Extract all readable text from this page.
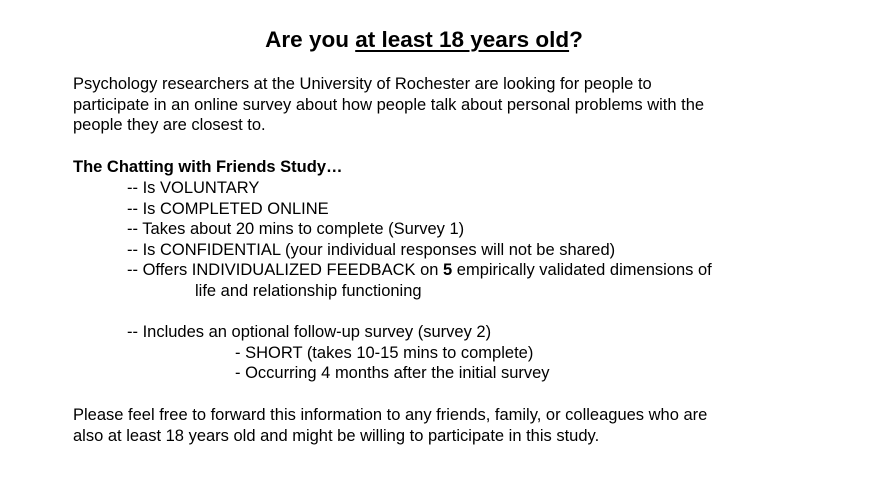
Are you at least 18 years old?
Psychology researchers at the University of Rochester are looking for people to
participate in an online survey about how people talk about personal problems with the
people they are closest to.
The Chatting with Friends Study…
-- Is VOLUNTARY
-- Is COMPLETED ONLINE
-- Takes about 20 mins to complete (Survey 1)
-- Is CONFIDENTIAL (your individual responses will not be shared)
-- Offers INDIVIDUALIZED FEEDBACK on 5 empirically validated dimensions of
life and relationship functioning
-- Includes an optional follow-up survey (survey 2)
- SHORT (takes 10-15 mins to complete)
- Occurring 4 months after the initial survey
Please feel free to forward this information to any friends, family, or colleagues who are
also at least 18 years old and might be willing to participate in this study.
